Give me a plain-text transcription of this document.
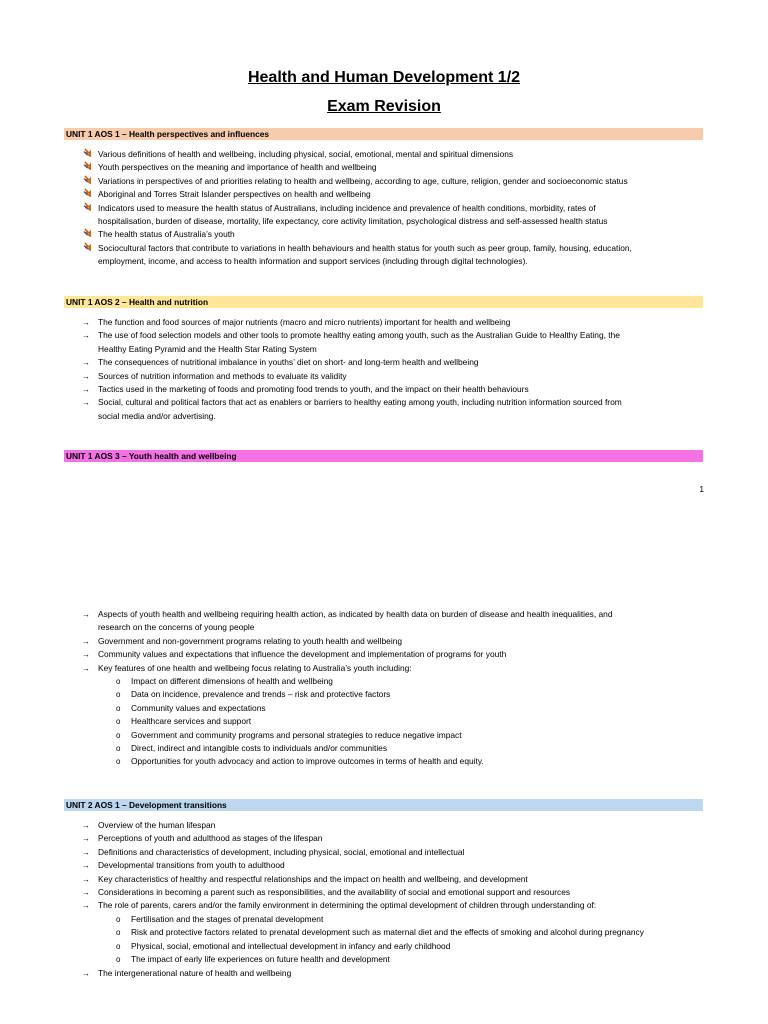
Health and Human Development 1/2
Exam Revision
UNIT 1 AOS 1 – Health perspectives and influences
Various definitions of health and wellbeing, including physical, social, emotional, mental and spiritual dimensions
Youth perspectives on the meaning and importance of health and wellbeing
Variations in perspectives of and priorities relating to health and wellbeing, according to age, culture, religion, gender and socioeconomic status
Aboriginal and Torres Strait Islander perspectives on health and wellbeing
Indicators used to measure the health status of Australians, including incidence and prevalence of health conditions, morbidity, rates of
hospitalisation, burden of disease, mortality, life expectancy, core activity limitation, psychological distress and self-assessed health status
The health status of Australia’s youth
Sociocultural factors that contribute to variations in health behaviours and health status for youth such as peer group, family, housing, education,
employment, income, and access to health information and support services (including through digital technologies).
UNIT 1 AOS 2 – Health and nutrition
→ The function and food sources of major nutrients (macro and micro nutrients) important for health and wellbeing
→ The use of food selection models and other tools to promote healthy eating among youth, such as the Australian Guide to Healthy Eating, the
Healthy Eating Pyramid and the Health Star Rating System
→ The consequences of nutritional imbalance in youths’ diet on short- and long-term health and wellbeing
→ Sources of nutrition information and methods to evaluate its validity
→ Tactics used in the marketing of foods and promoting food trends to youth, and the impact on their health behaviours
→ Social, cultural and political factors that act as enablers or barriers to healthy eating among youth, including nutrition information sourced from
social media and/or advertising.
UNIT 1 AOS 3 – Youth health and wellbeing
1
→ Aspects of youth health and wellbeing requiring health action, as indicated by health data on burden of disease and health inequalities, and
research on the concerns of young people
→ Government and non-government programs relating to youth health and wellbeing
→ Community values and expectations that influence the development and implementation of programs for youth
→ Key features of one health and wellbeing focus relating to Australia’s youth including:
o Impact on different dimensions of health and wellbeing
o Data on incidence, prevalence and trends – risk and protective factors
o Community values and expectations
o Healthcare services and support
o Government and community programs and personal strategies to reduce negative impact
o Direct, indirect and intangible costs to individuals and/or communities
o Opportunities for youth advocacy and action to improve outcomes in terms of health and equity.
UNIT 2 AOS 1 – Development transitions
→ Overview of the human lifespan
→ Perceptions of youth and adulthood as stages of the lifespan
→ Definitions and characteristics of development, including physical, social, emotional and intellectual
→ Developmental transitions from youth to adulthood
→ Key characteristics of healthy and respectful relationships and the impact on health and wellbeing, and development
→ Considerations in becoming a parent such as responsibilities, and the availability of social and emotional support and resources
→ The role of parents, carers and/or the family environment in determining the optimal development of children through understanding of:
o Fertilisation and the stages of prenatal development
o Risk and protective factors related to prenatal development such as maternal diet and the effects of smoking and alcohol during pregnancy
o Physical, social, emotional and intellectual development in infancy and early childhood
o The impact of early life experiences on future health and development
→ The intergenerational nature of health and wellbeing
